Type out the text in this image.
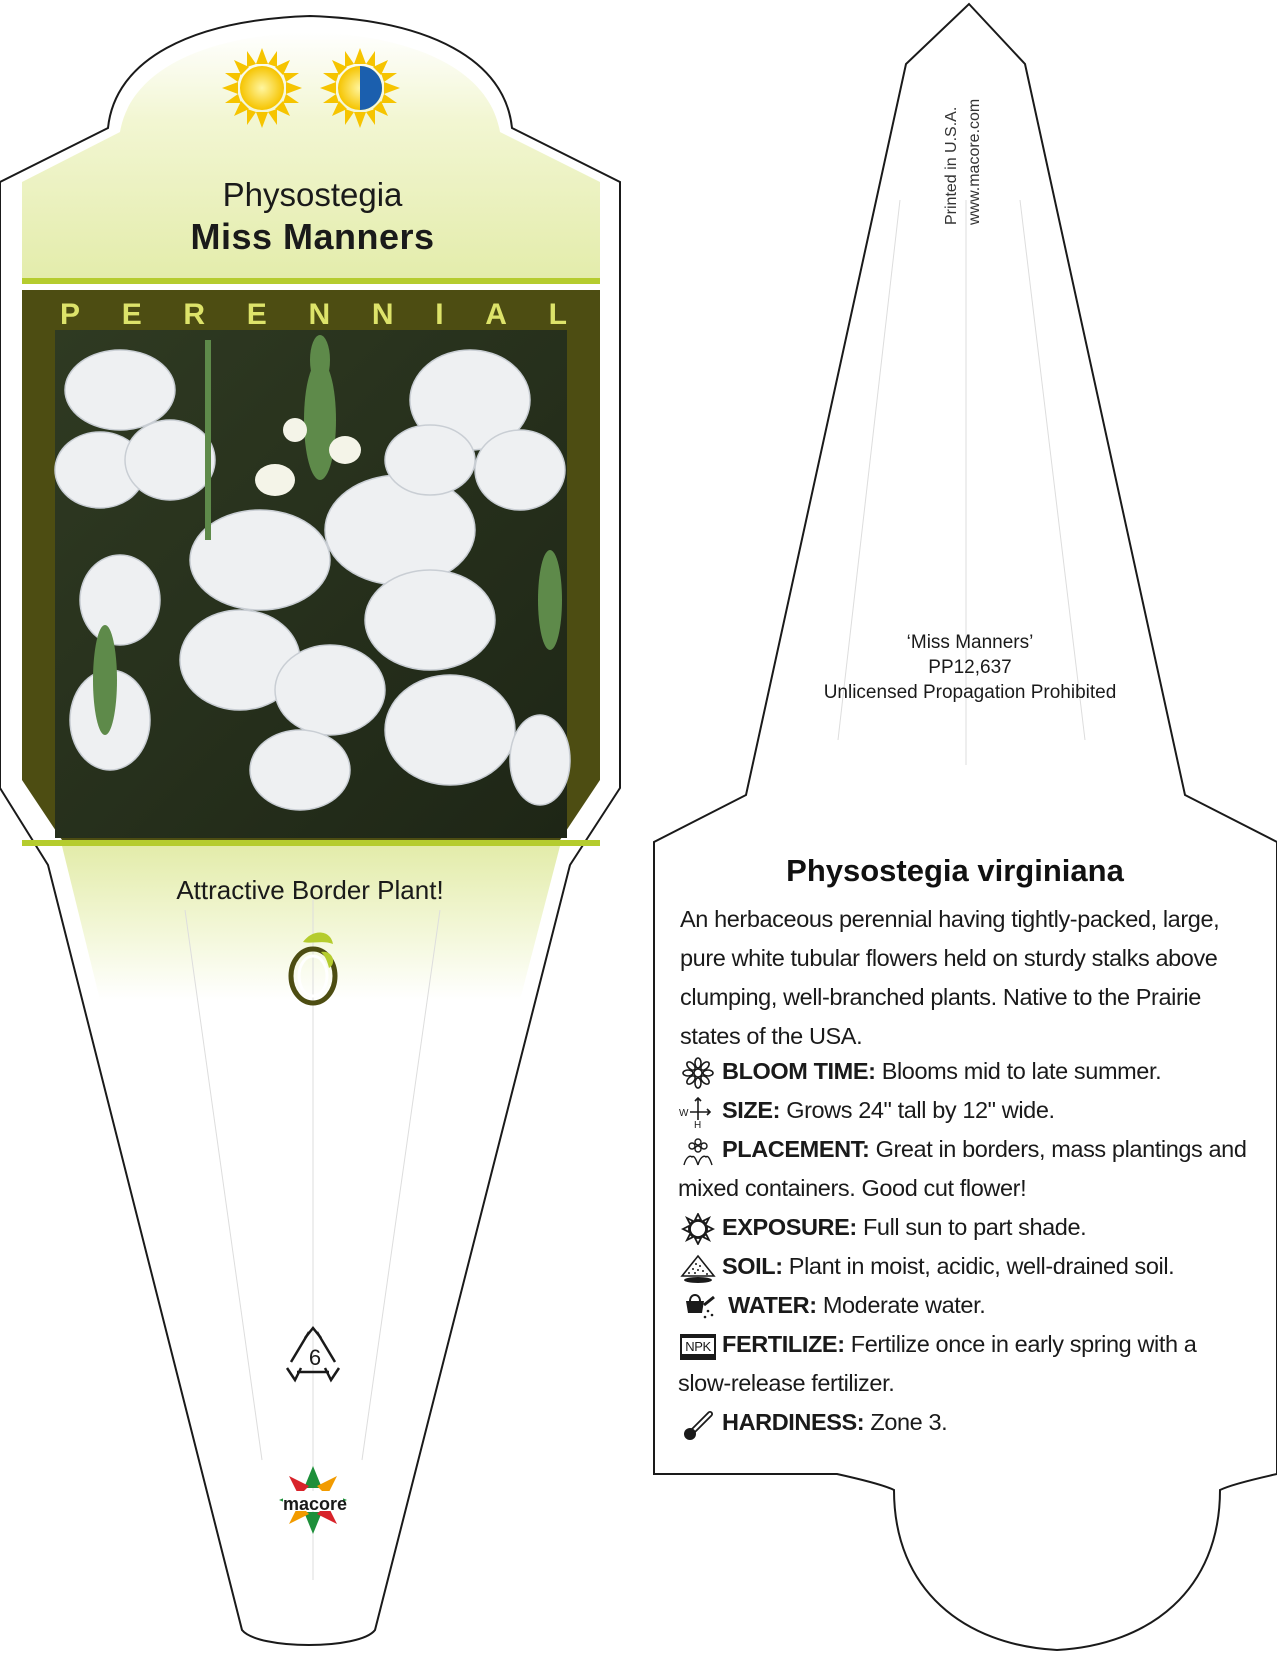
Physostegia
Miss Manners
P E R E N N I A L
Attractive Border Plant!
6
macore
Printed in U.S.A. www.macore.com
‘Miss Manners’
PP12,637
Unlicensed Propagation Prohibited
Physostegia virginiana
An herbaceous perennial having tightly-packed, large, pure white tubular flowers held on sturdy stalks above clumping, well-branched plants. Native to the Prairie states of the USA.
BLOOM TIME: Blooms mid to late summer.
W
H
SIZE: Grows 24" tall by 12" wide.
PLACEMENT: Great in borders, mass plantings and mixed containers. Good cut flower!
EXPOSURE: Full sun to part shade.
SOIL: Plant in moist, acidic, well-drained soil.
WATER: Moderate water.
NPK FERTILIZE: Fertilize once in early spring with a slow-release fertilizer.
HARDINESS: Zone 3.
